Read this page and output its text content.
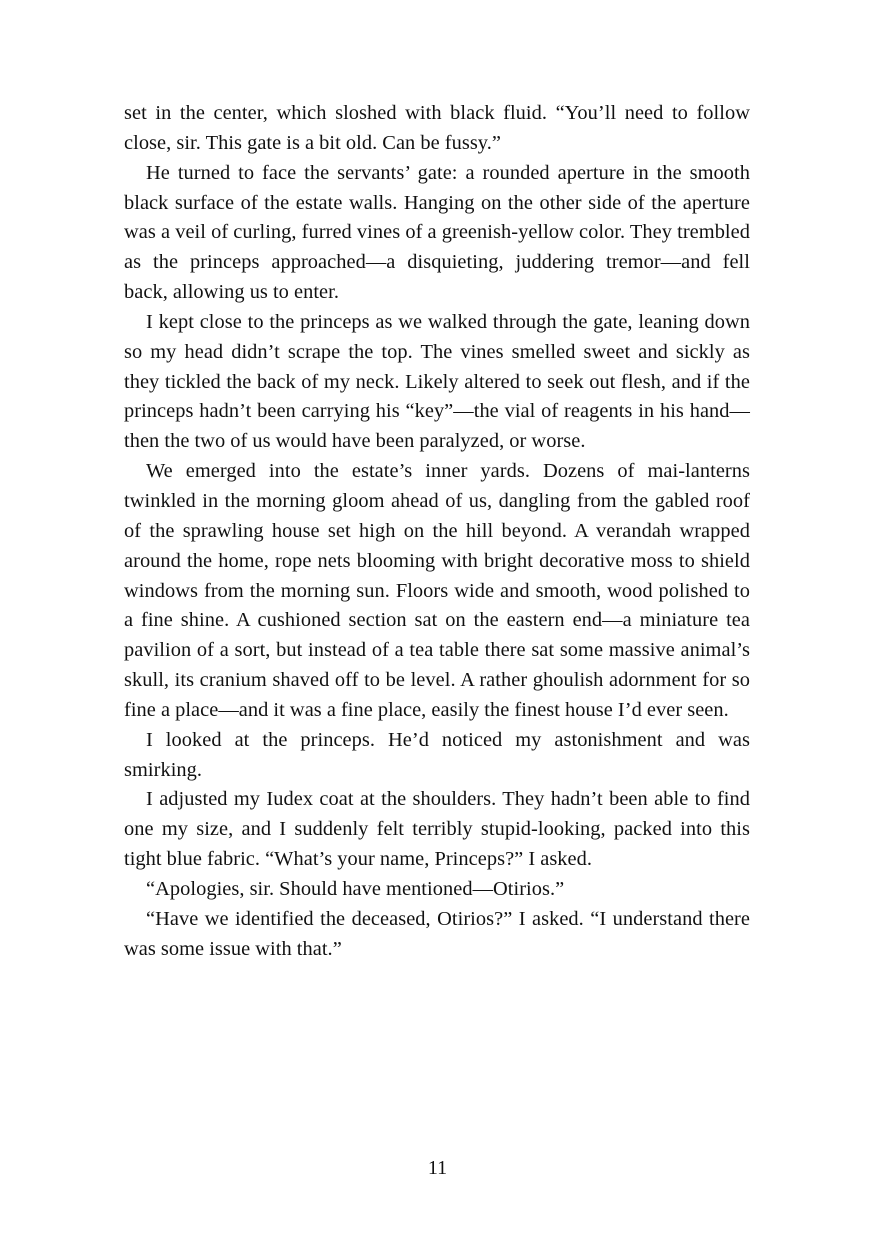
set in the center, which sloshed with black fluid. “You’ll need to follow close, sir. This gate is a bit old. Can be fussy.”

He turned to face the servants’ gate: a rounded aperture in the smooth black surface of the estate walls. Hanging on the other side of the aperture was a veil of curling, furred vines of a greenish-yellow color. They trembled as the princeps approached—a disquieting, juddering tremor—and fell back, allowing us to enter.

I kept close to the princeps as we walked through the gate, leaning down so my head didn’t scrape the top. The vines smelled sweet and sickly as they tickled the back of my neck. Likely altered to seek out flesh, and if the princeps hadn’t been carrying his “key”—the vial of reagents in his hand—then the two of us would have been paralyzed, or worse.

We emerged into the estate’s inner yards. Dozens of mai-lanterns twinkled in the morning gloom ahead of us, dangling from the gabled roof of the sprawling house set high on the hill beyond. A verandah wrapped around the home, rope nets blooming with bright decorative moss to shield windows from the morning sun. Floors wide and smooth, wood polished to a fine shine. A cushioned section sat on the eastern end—a miniature tea pavilion of a sort, but instead of a tea table there sat some massive animal’s skull, its cranium shaved off to be level. A rather ghoulish adornment for so fine a place—and it was a fine place, easily the finest house I’d ever seen.

I looked at the princeps. He’d noticed my astonishment and was smirking.

I adjusted my Iudex coat at the shoulders. They hadn’t been able to find one my size, and I suddenly felt terribly stupid-looking, packed into this tight blue fabric. “What’s your name, Princeps?” I asked.

“Apologies, sir. Should have mentioned—Otirios.”

“Have we identified the deceased, Otirios?” I asked. “I understand there was some issue with that.”

11
